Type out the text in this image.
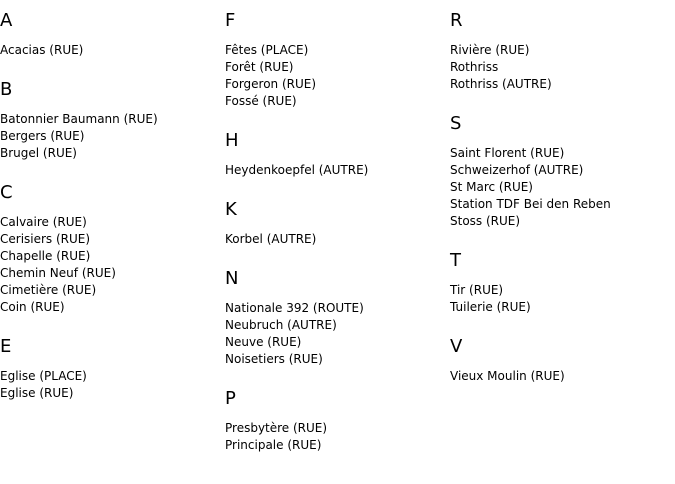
A
Acacias (RUE)
B
Batonnier Baumann (RUE)
Bergers (RUE)
Brugel (RUE)
C
Calvaire (RUE)
Cerisiers (RUE)
Chapelle (RUE)
Chemin Neuf (RUE)
Cimetière (RUE)
Coin (RUE)
E
Eglise (PLACE)
Eglise (RUE)
F
Fêtes (PLACE)
Forêt (RUE)
Forgeron (RUE)
Fossé (RUE)
H
Heydenkoepfel (AUTRE)
K
Korbel (AUTRE)
N
Nationale 392 (ROUTE)
Neubruch (AUTRE)
Neuve (RUE)
Noisetiers (RUE)
P
Presbytère (RUE)
Principale (RUE)
R
Rivière (RUE)
Rothriss
Rothriss (AUTRE)
S
Saint Florent (RUE)
Schweizerhof (AUTRE)
St Marc (RUE)
Station TDF Bei den Reben
Stoss (RUE)
T
Tir (RUE)
Tuilerie (RUE)
V
Vieux Moulin (RUE)
